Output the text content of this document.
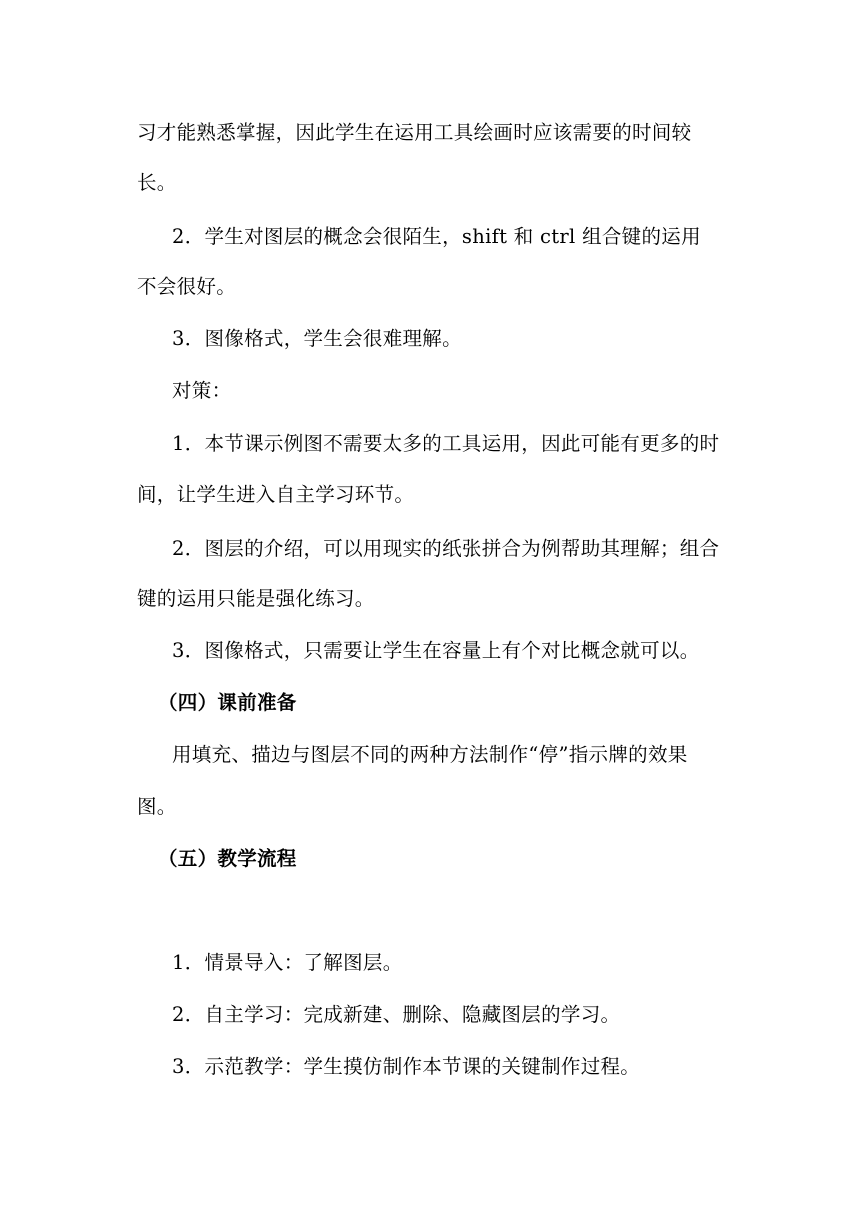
习才能熟悉掌握，因此学生在运用工具绘画时应该需要的时间较
长。
2．学生对图层的概念会很陌生，shift 和 ctrl 组合键的运用
不会很好。
3．图像格式，学生会很难理解。
对策：
1．本节课示例图不需要太多的工具运用，因此可能有更多的时
间，让学生进入自主学习环节。
2．图层的介绍，可以用现实的纸张拼合为例帮助其理解；组合
键的运用只能是强化练习。
3．图像格式，只需要让学生在容量上有个对比概念就可以。
（四）课前准备
用填充、描边与图层不同的两种方法制作“停”指示牌的效果
图。
（五）教学流程
1．情景导入：了解图层。
2．自主学习：完成新建、删除、隐藏图层的学习。
3．示范教学：学生摸仿制作本节课的关键制作过程。
